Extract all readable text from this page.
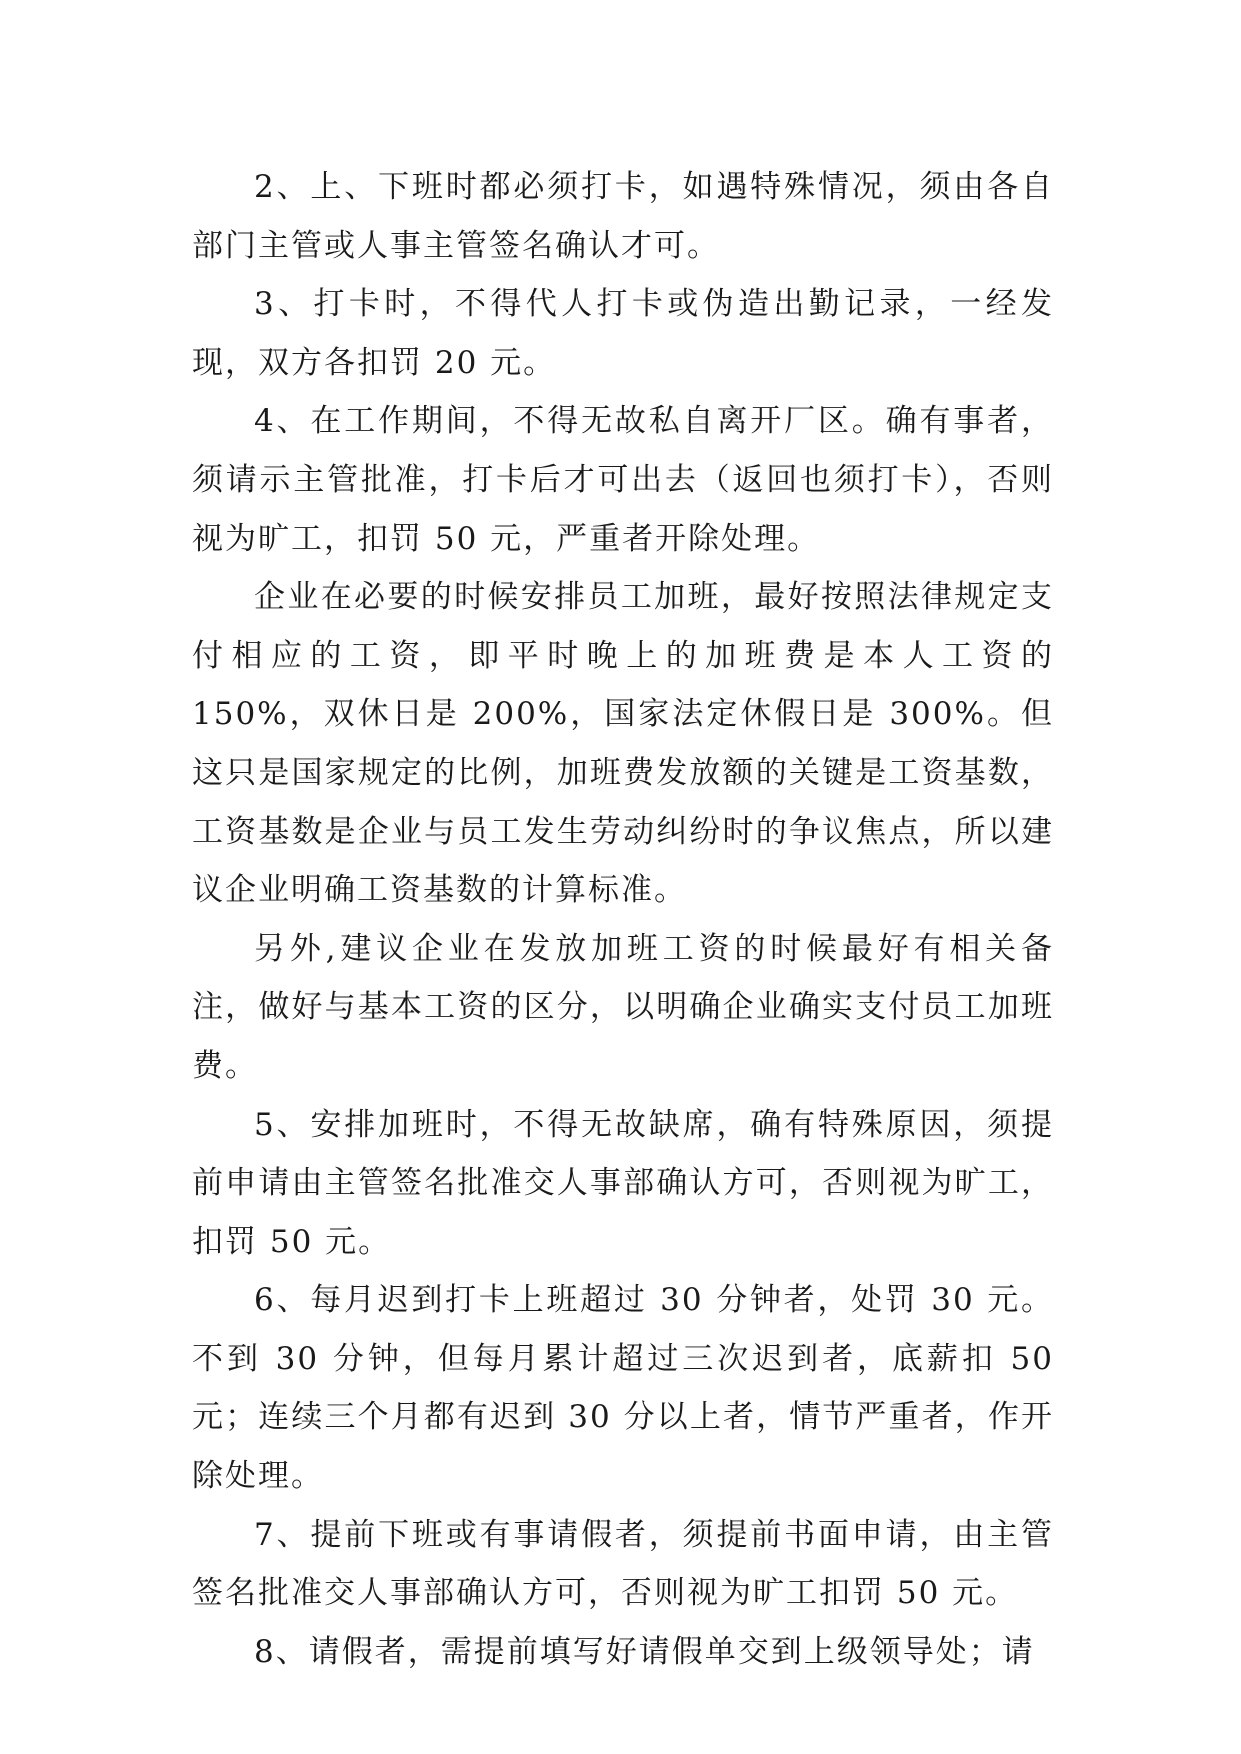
2、上、下班时都必须打卡，如遇特殊情况，须由各自部门主管或人事主管签名确认才可。

3、打卡时，不得代人打卡或伪造出勤记录，一经发现，双方各扣罚 20 元。

4、在工作期间，不得无故私自离开厂区。确有事者，须请示主管批准，打卡后才可出去（返回也须打卡），否则视为旷工，扣罚 50 元，严重者开除处理。

企业在必要的时候安排员工加班，最好按照法律规定支付相应的工资，即平时晚上的加班费是本人工资的 150%，双休日是 200%，国家法定休假日是 300%。但这只是国家规定的比例，加班费发放额的关键是工资基数，工资基数是企业与员工发生劳动纠纷时的争议焦点，所以建议企业明确工资基数的计算标准。

另外,建议企业在发放加班工资的时候最好有相关备注，做好与基本工资的区分，以明确企业确实支付员工加班费。

5、安排加班时，不得无故缺席，确有特殊原因，须提前申请由主管签名批准交人事部确认方可，否则视为旷工，扣罚 50 元。

6、每月迟到打卡上班超过 30 分钟者，处罚 30 元。不到 30 分钟，但每月累计超过三次迟到者，底薪扣 50 元；连续三个月都有迟到 30 分以上者，情节严重者，作开除处理。

7、提前下班或有事请假者，须提前书面申请，由主管签名批准交人事部确认方可，否则视为旷工扣罚 50 元。

8、请假者，需提前填写好请假单交到上级领导处；请
